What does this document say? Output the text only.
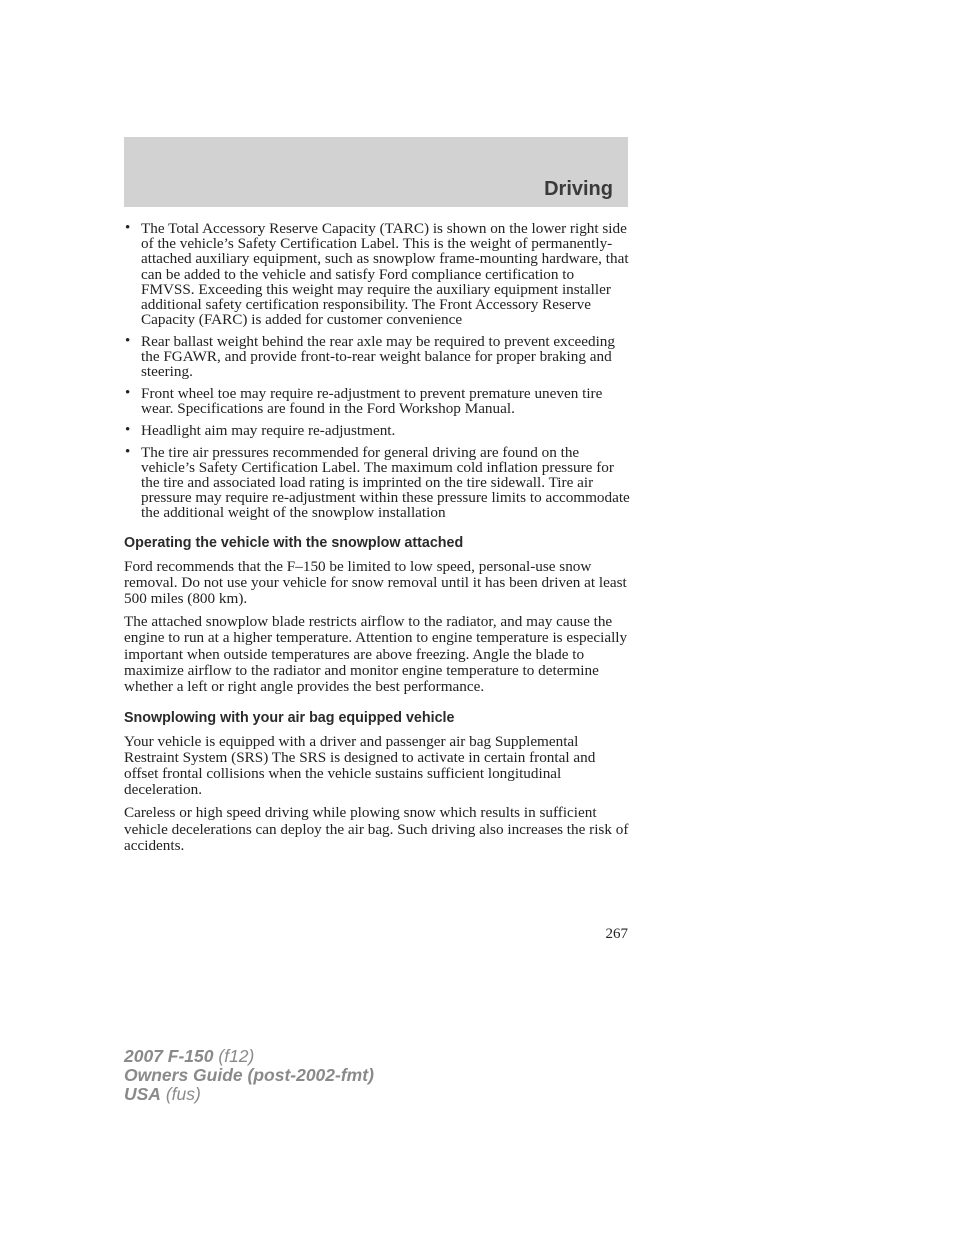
Driving
• The Total Accessory Reserve Capacity (TARC) is shown on the lower right side of the vehicle’s Safety Certification Label. This is the weight of permanently-attached auxiliary equipment, such as snowplow frame-mounting hardware, that can be added to the vehicle and satisfy Ford compliance certification to FMVSS. Exceeding this weight may require the auxiliary equipment installer additional safety certification responsibility. The Front Accessory Reserve Capacity (FARC) is added for customer convenience
• Rear ballast weight behind the rear axle may be required to prevent exceeding the FGAWR, and provide front-to-rear weight balance for proper braking and steering.
• Front wheel toe may require re-adjustment to prevent premature uneven tire wear. Specifications are found in the Ford Workshop Manual.
• Headlight aim may require re-adjustment.
• The tire air pressures recommended for general driving are found on the vehicle’s Safety Certification Label. The maximum cold inflation pressure for the tire and associated load rating is imprinted on the tire sidewall. Tire air pressure may require re-adjustment within these pressure limits to accommodate the additional weight of the snowplow installation
Operating the vehicle with the snowplow attached

Ford recommends that the F–150 be limited to low speed, personal-use snow removal. Do not use your vehicle for snow removal until it has been driven at least 500 miles (800 km).

The attached snowplow blade restricts airflow to the radiator, and may cause the engine to run at a higher temperature. Attention to engine temperature is especially important when outside temperatures are above freezing. Angle the blade to maximize airflow to the radiator and monitor engine temperature to determine whether a left or right angle provides the best performance.

Snowplowing with your air bag equipped vehicle

Your vehicle is equipped with a driver and passenger air bag Supplemental Restraint System (SRS) The SRS is designed to activate in certain frontal and offset frontal collisions when the vehicle sustains sufficient longitudinal deceleration.

Careless or high speed driving while plowing snow which results in sufficient vehicle decelerations can deploy the air bag. Such driving also increases the risk of accidents.

267
2007 F-150 (f12)
Owners Guide (post-2002-fmt)
USA (fus)
